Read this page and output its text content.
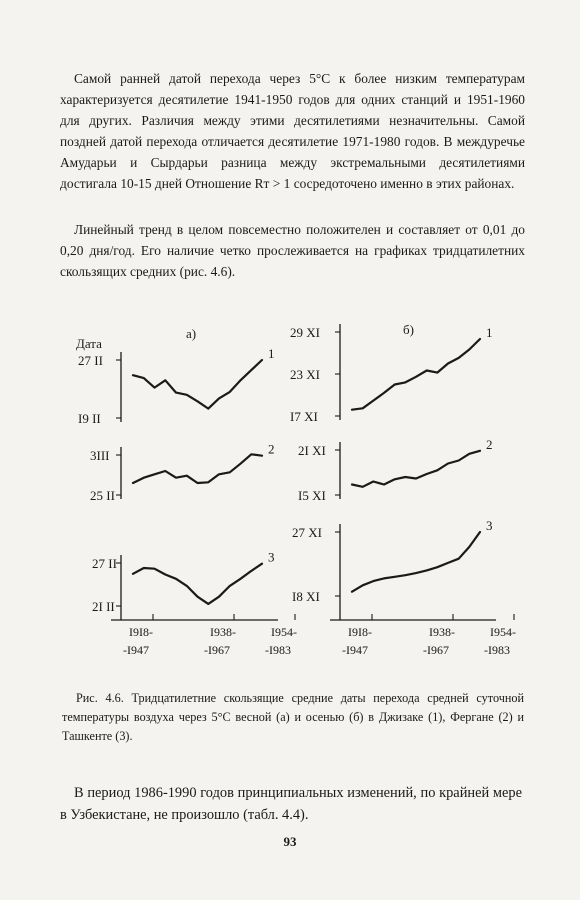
Самой ранней датой перехода через 5°С к более низким температурам характеризуется десятилетие 1941-1950 годов для одних станций и 1951-1960 для других. Различия между этими десятилетиями незначительны. Самой поздней датой перехода отличается десятилетие 1971-1980 годов. В междуречье Амударьи и Сырдарьи разница между экстремальными десятилетиями достигала 10-15 дней Отношение Rт > 1 сосредоточено именно в этих районах.

Линейный тренд в целом повсеместно положителен и составляет от 0,01 до 0,20 дня/год. Его наличие четко прослеживается на графиках тридцатилетних скользящих средних (рис. 4.6).

27 II
I9 II
Дата
а)
1
3III
25 II
2
27 II
2I II
3
I9I8-
-I947
I938-
-I967
I954-
-I983
29 XI
23 XI
I7 XI
б)	1
2I XI
I5 XI
2
27 XI
I8 XI
3
I9I8-
-I947
I938-
-I967
I954-
-I983

Рис. 4.6. Тридцатилетние скользящие средние даты перехода средней суточной температуры воздуха через 5°С весной (а) и осенью (б) в Джизаке (1), Фергане (2) и Ташкенте (3).

В период 1986-1990 годов принципиальных изменений, по крайней мере в Узбекистане, не произошло (табл. 4.4).

93
